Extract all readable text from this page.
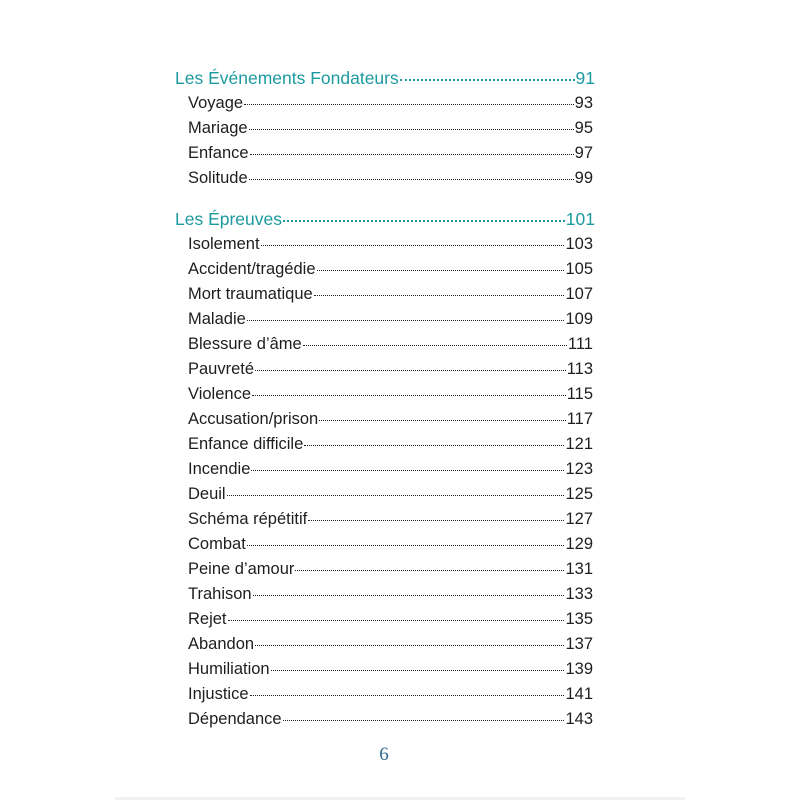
Les Événements Fondateurs	91
Voyage	93
Mariage	95
Enfance	97
Solitude	99
Les Épreuves	101
Isolement	103
Accident/tragédie	105
Mort traumatique	107
Maladie	109
Blessure d’âme	111
Pauvreté	113
Violence	115
Accusation/prison	117
Enfance difficile	121
Incendie	123
Deuil	125
Schéma répétitif	127
Combat	129
Peine d’amour	131
Trahison	133
Rejet	135
Abandon	137
Humiliation	139
Injustice	141
Dépendance	143
6
